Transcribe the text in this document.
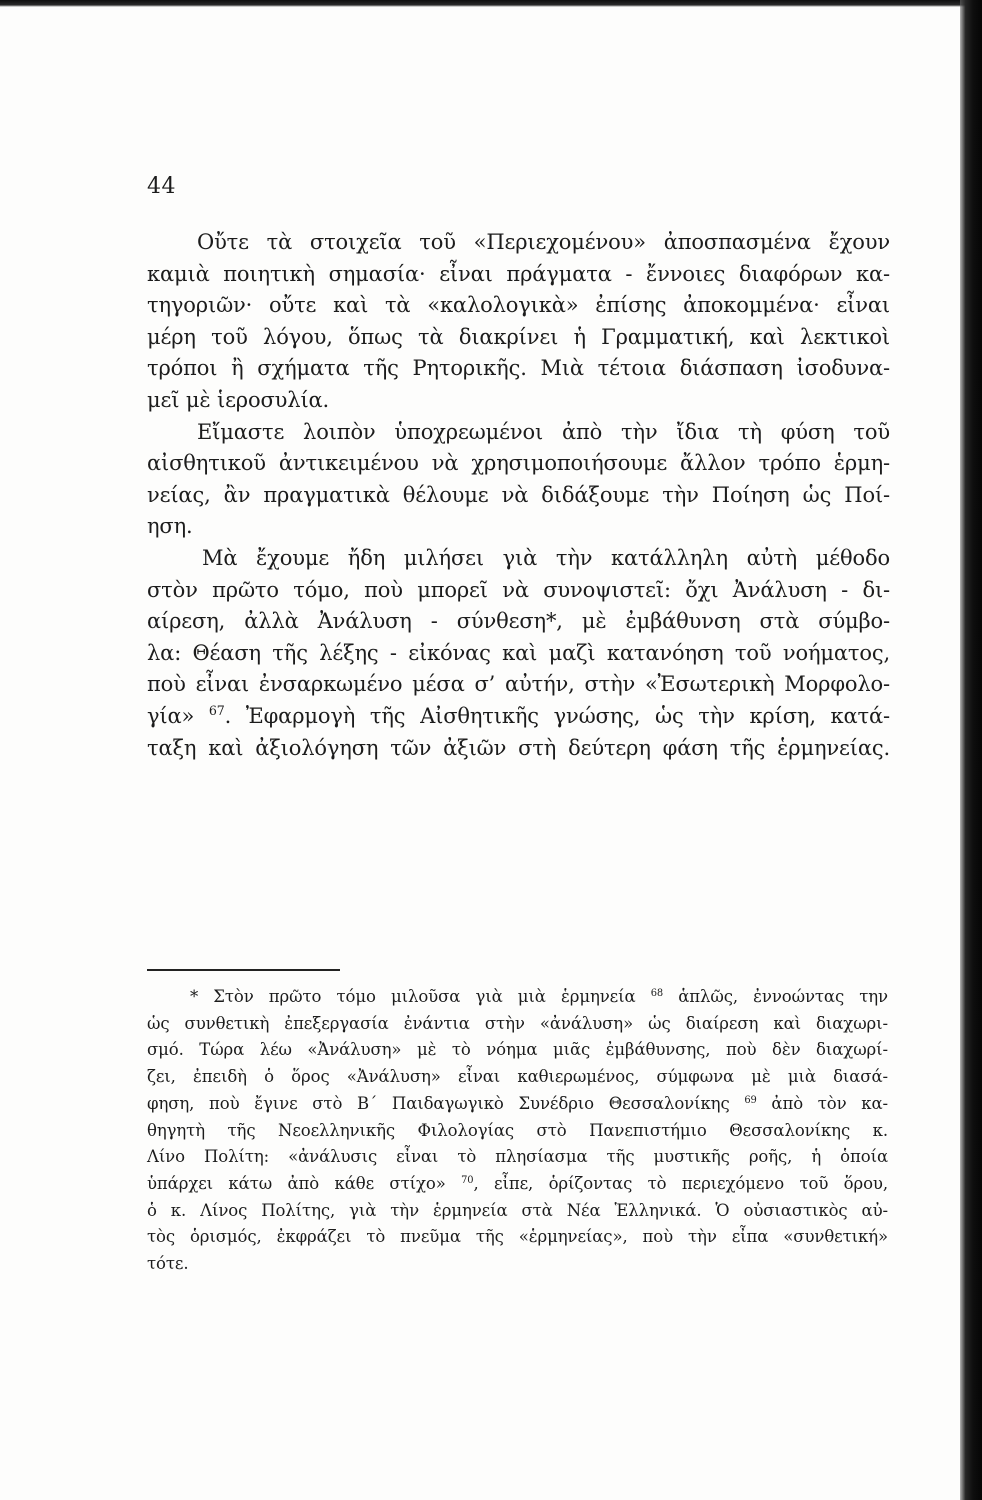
44
Οὔτε τὰ στοιχεῖα τοῦ «Περιεχομένου» ἀποσπασμένα ἔχουν
καμιὰ ποιητικὴ σημασία· εἶναι πράγματα - ἔννοιες διαφόρων κα-
τηγοριῶν· οὔτε καὶ τὰ «καλολογικὰ» ἐπίσης ἀποκομμένα· εἶναι
μέρη τοῦ λόγου, ὅπως τὰ διακρίνει ἡ Γραμματική, καὶ λεκτικοὶ
τρόποι ἢ σχήματα τῆς Ρητορικῆς. Μιὰ τέτοια διάσπαση ἰσοδυνα-
μεῖ μὲ ἱεροσυλία.
Εἴμαστε λοιπὸν ὑποχρεωμένοι ἀπὸ τὴν ἴδια τὴ φύση τοῦ
αἰσθητικοῦ ἀντικειμένου νὰ χρησιμοποιήσουμε ἄλλον τρόπο ἑρμη-
νείας, ἂν πραγματικὰ θέλουμε νὰ διδάξουμε τὴν Ποίηση ὡς Ποί-
ηση.
Μὰ ἔχουμε ἤδη μιλήσει γιὰ τὴν κατάλληλη αὐτὴ μέθοδο
στὸν πρῶτο τόμο, ποὺ μπορεῖ νὰ συνοψιστεῖ: ὄχι Ἀνάλυση - δι-
αίρεση, ἀλλὰ Ἀνάλυση - σύνθεση*, μὲ ἐμβάθυνση στὰ σύμβο-
λα: Θέαση τῆς λέξης - εἰκόνας καὶ μαζὶ κατανόηση τοῦ νοήματος,
ποὺ εἶναι ἐνσαρκωμένο μέσα σ’ αὐτήν, στὴν «Ἐσωτερικὴ Μορφολο-
γία» $^{67}$. Ἐφαρμογὴ τῆς Αἰσθητικῆς γνώσης, ὡς τὴν κρίση, κατά-
ταξη καὶ ἀξιολόγηση τῶν ἀξιῶν στὴ δεύτερη φάση τῆς ἑρμηνείας.
* Στὸν πρῶτο τόμο μιλοῦσα γιὰ μιὰ ἑρμηνεία $^{68}$ ἁπλῶς, ἐννοώντας την
ὡς συνθετικὴ ἐπεξεργασία ἐνάντια στὴν «ἀνάλυση» ὡς διαίρεση καὶ διαχωρι-
σμό. Τώρα λέω «Ἀνάλυση» μὲ τὸ νόημα μιᾶς ἐμβάθυνσης, ποὺ δὲν διαχωρί-
ζει, ἐπειδὴ ὁ ὅρος «Ἀνάλυση» εἶναι καθιερωμένος, σύμφωνα μὲ μιὰ διασά-
φηση, ποὺ ἔγινε στὸ Β΄ Παιδαγωγικὸ Συνέδριο Θεσσαλονίκης $^{69}$ ἀπὸ τὸν κα-
θηγητὴ τῆς Νεοελληνικῆς Φιλολογίας στὸ Πανεπιστήμιο Θεσσαλονίκης κ.
Λίνο Πολίτη: «ἀνάλυσις εἶναι τὸ πλησίασμα τῆς μυστικῆς ροῆς, ἡ ὁποία
ὑπάρχει κάτω ἀπὸ κάθε στίχο» $^{70}$, εἶπε, ὁρίζοντας τὸ περιεχόμενο τοῦ ὅρου,
ὁ κ. Λίνος Πολίτης, γιὰ τὴν ἑρμηνεία στὰ Νέα Ἑλληνικά. Ὁ οὐσιαστικὸς αὐ-
τὸς ὁρισμός, ἐκφράζει τὸ πνεῦμα τῆς «ἑρμηνείας», ποὺ τὴν εἶπα «συνθετική»
τότε.
